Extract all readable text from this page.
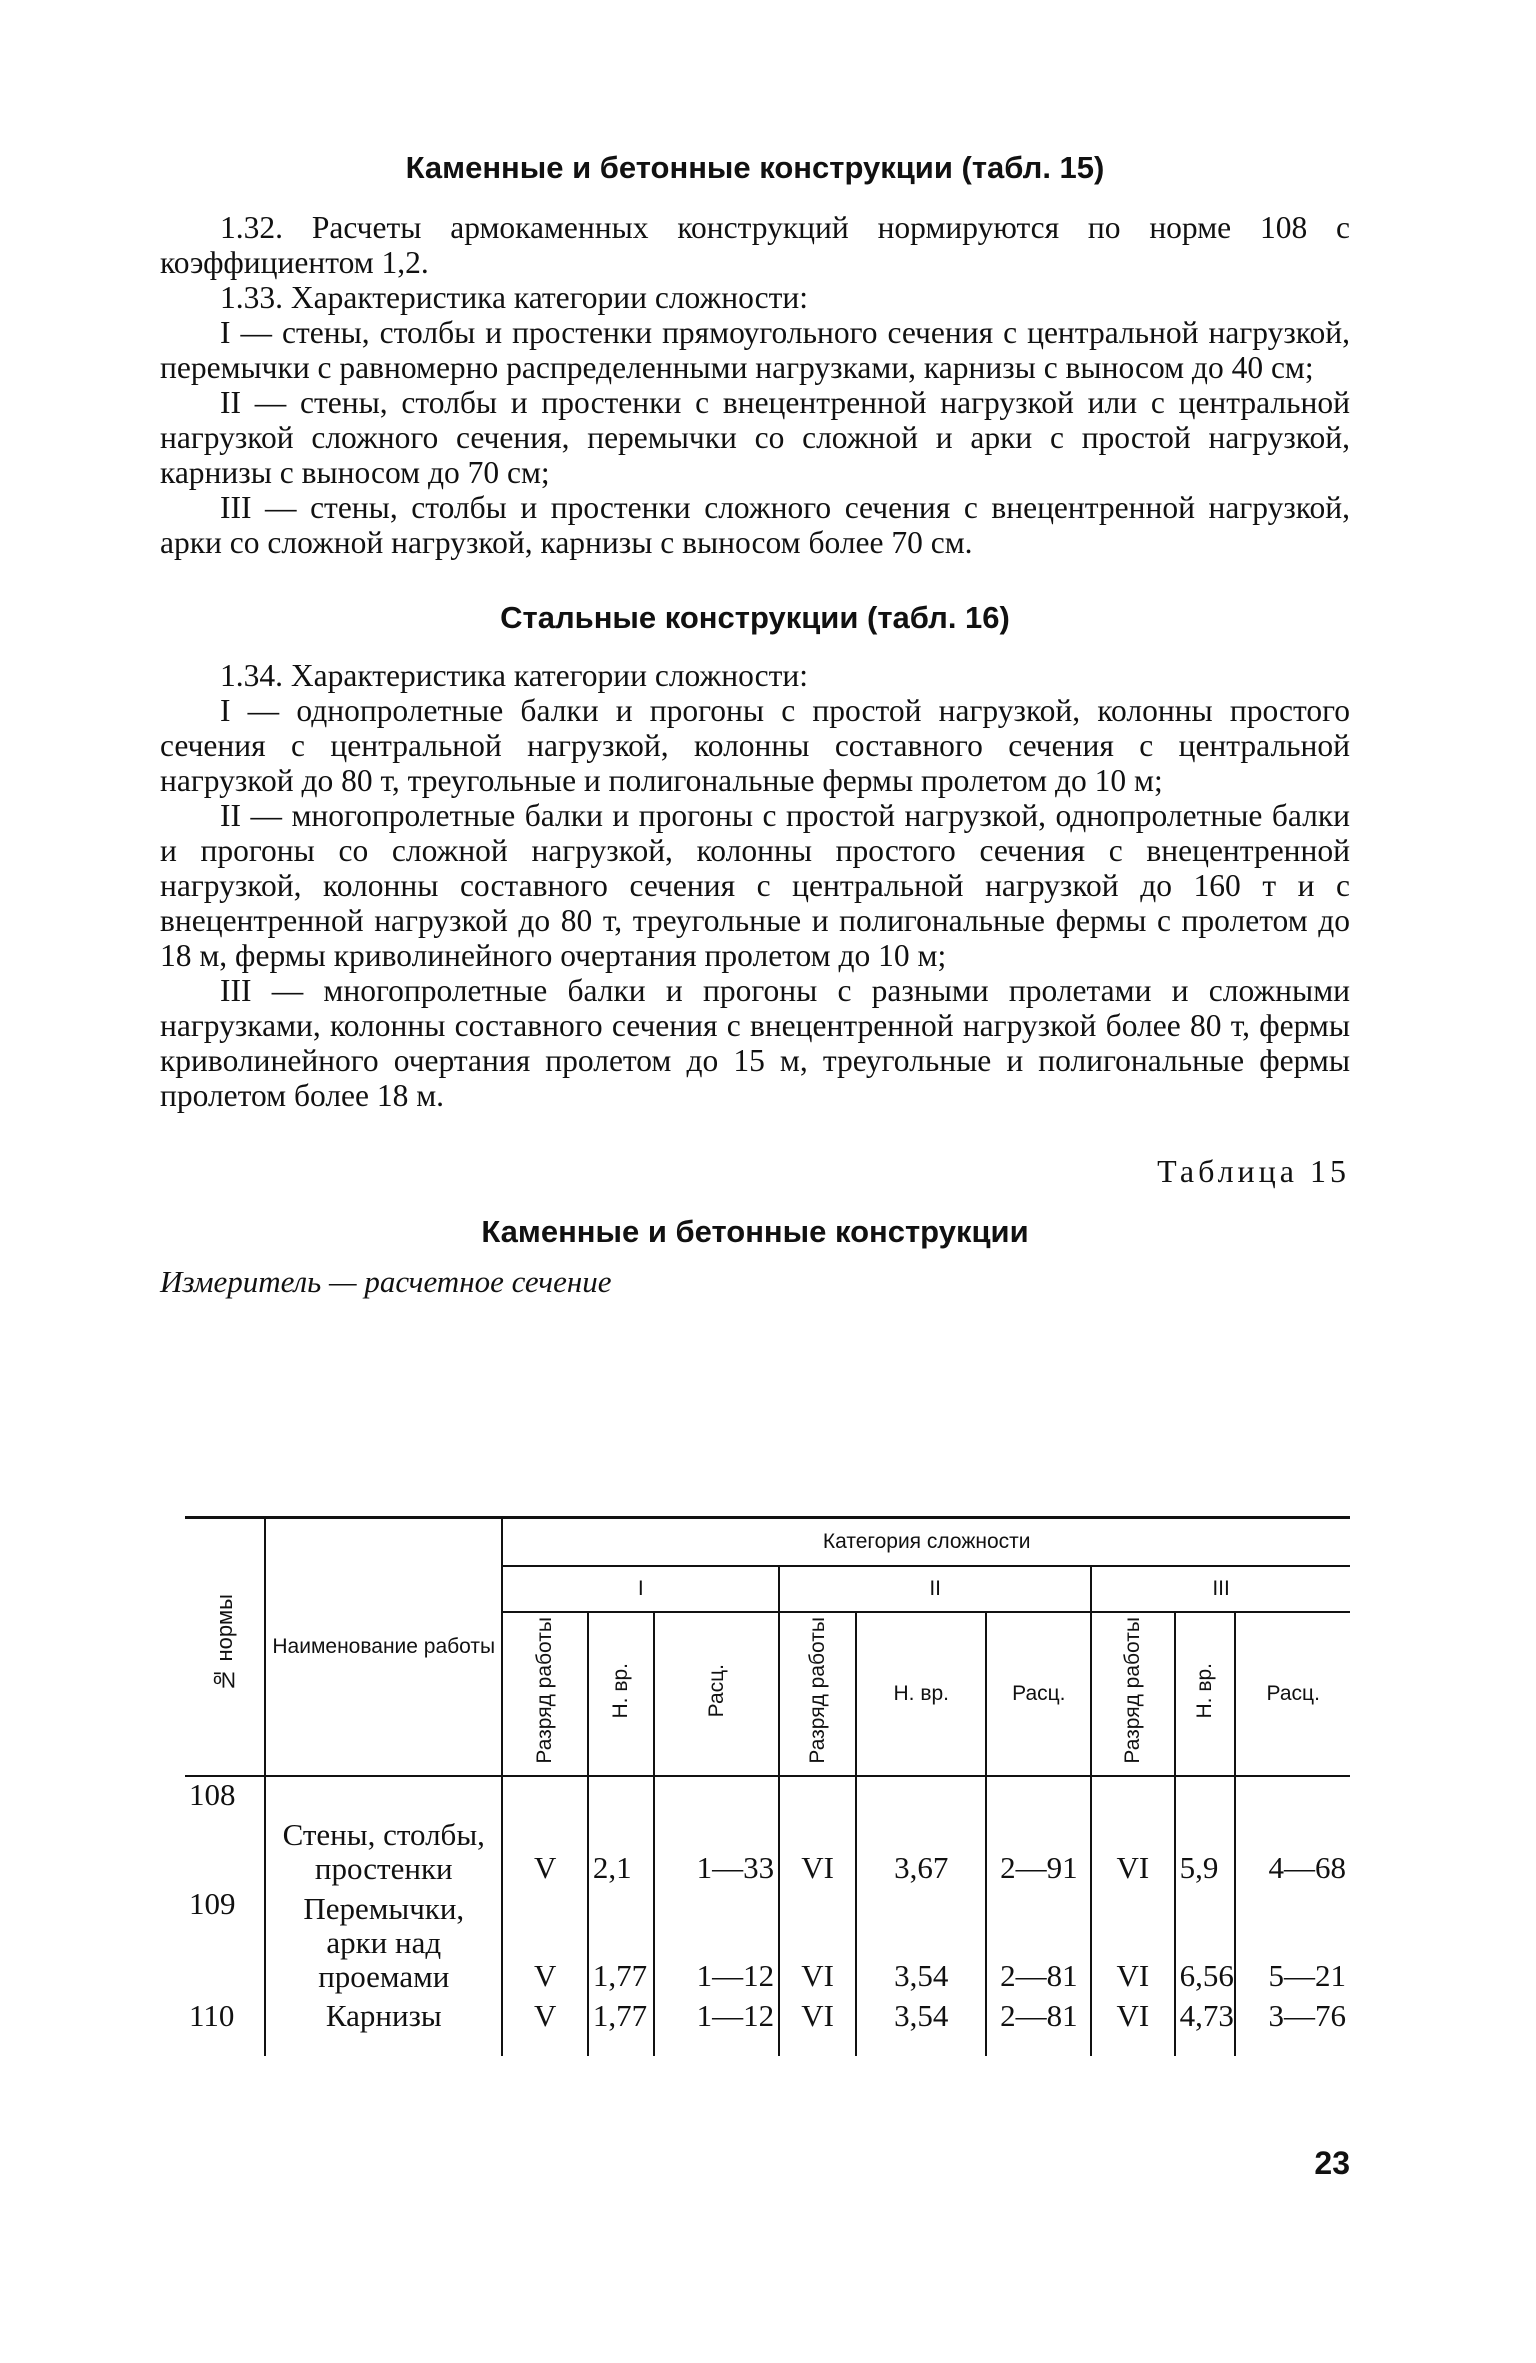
Каменные и бетонные конструкции (табл. 15)

1.32. Расчеты армокаменных конструкций нормируются по норме 108 с коэффициентом 1,2.

1.33. Характеристика категории сложности:

I — стены, столбы и простенки прямоугольного сечения с центральной нагрузкой, перемычки с равномерно распределенными нагрузками, карнизы с выносом до 40 см;

II — стены, столбы и простенки с внецентренной нагрузкой или с центральной нагрузкой сложного сечения, перемычки со сложной и арки с простой нагрузкой, карнизы с выносом до 70 см;

III — стены, столбы и простенки сложного сечения с внецентренной нагрузкой, арки со сложной нагрузкой, карнизы с выносом более 70 см.

Стальные конструкции (табл. 16)

1.34. Характеристика категории сложности:

I — однопролетные балки и прогоны с простой нагрузкой, колонны простого сечения с центральной нагрузкой, колонны составного сечения с центральной нагрузкой до 80 т, треугольные и полигональные фермы пролетом до 10 м;

II — многопролетные балки и прогоны с простой нагрузкой, однопролетные балки и прогоны со сложной нагрузкой, колонны простого сечения с внецентренной нагрузкой, колонны составного сечения с центральной нагрузкой до 160 т и с внецентренной нагрузкой до 80 т, треугольные и полигональные фермы с пролетом до 18 м, фермы криволинейного очертания пролетом до 10 м;

III — многопролетные балки и прогоны с разными пролетами и сложными нагрузками, колонны составного сечения с внецентренной нагрузкой более 80 т, фермы криволинейного очертания пролетом до 15 м, треугольные и полигональные фермы пролетом более 18 м.

Таблица 15

Каменные и бетонные конструкции

Измеритель — расчетное сечение
№ нормы	Наименование работы	Категория сложности								
		I			II			III		
		Разряд работы	Н. вр.	Расц.	Разряд работы	Н. вр.	Расц.	Разряд работы	Н. вр.	Расц.
108	Стены, столбы, простенки	V	2,1	1—33	VI	3,67	2—91	VI	5,9	4—68
109	Перемычки, арки над проемами	V	1,77	1—12	VI	3,54	2—81	VI	6,56	5—21
110	Карнизы	V	1,77	1—12	VI	3,54	2—81	VI	4,73	3—76
23
